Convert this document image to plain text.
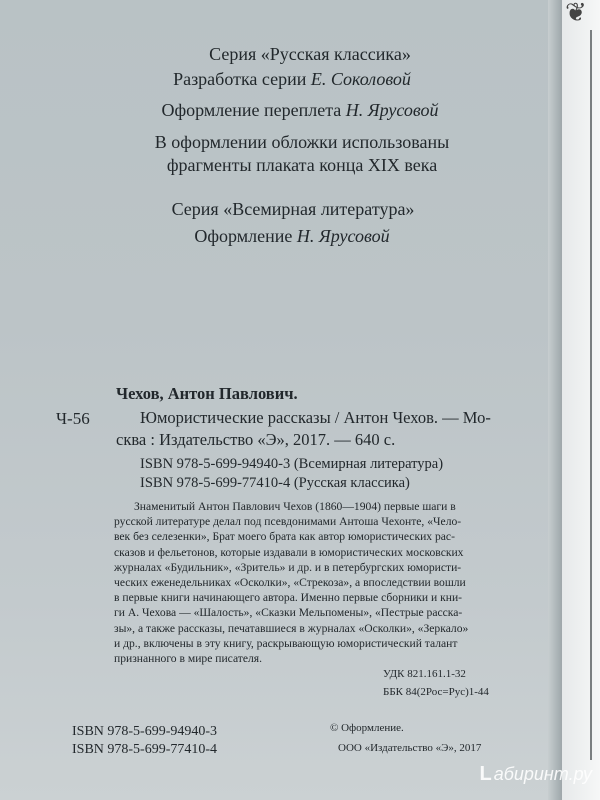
❦
Серия «Русская классика»
Разработка серии Е. Соколовой
Оформление переплета Н. Ярусовой
В оформлении обложки использованы
фрагменты плаката конца XIX века
Серия «Всемирная литература»
Оформление Н. Ярусовой
Ч-56
Чехов, Антон Павлович.
Юмористические рассказы / Антон Чехов. — Мо-
сква : Издательство «Э», 2017. — 640 с.
ISBN 978-5-699-94940-3 (Всемирная литература)
ISBN 978-5-699-77410-4 (Русская классика)
Знаменитый Антон Павлович Чехов (1860—1904) первые шаги в
русской литературе делал под псевдонимами Антоша Чехонте, «Чело-
век без селезенки», Брат моего брата как автор юмористических рас-
сказов и фельетонов, которые издавали в юмористических московских
журналах «Будильник», «Зритель» и др. и в петербургских юмористи-
ческих еженедельниках «Осколки», «Стрекоза», а впоследствии вошли
в первые книги начинающего автора. Именно первые сборники и кни-
ги А. Чехова — «Шалость», «Сказки Мельпомены», «Пестрые расска-
зы», а также рассказы, печатавшиеся в журналах «Осколки», «Зеркало»
и др., включены в эту книгу, раскрывающую юмористический талант
признанного в мире писателя.
УДК 821.161.1-32
ББК 84(2Рос=Рус)1-44
ISBN 978-5-699-94940-3
ISBN 978-5-699-77410-4
© Оформление.
ООО «Издательство «Э», 2017
L абиринт.ру
